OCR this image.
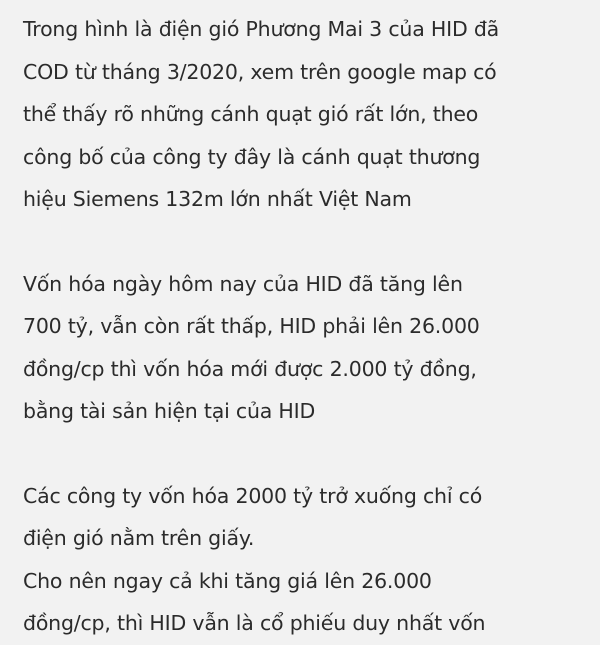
Trong hình là điện gió Phương Mai 3 của HID đã
COD từ tháng 3/2020, xem trên google map có
thể thấy rõ những cánh quạt gió rất lớn, theo
công bố của công ty đây là cánh quạt thương
hiệu Siemens 132m lớn nhất Việt Nam
Vốn hóa ngày hôm nay của HID đã tăng lên
700 tỷ, vẫn còn rất thấp, HID phải lên 26.000
đồng/cp thì vốn hóa mới được 2.000 tỷ đồng,
bằng tài sản hiện tại của HID
Các công ty vốn hóa 2000 tỷ trở xuống chỉ có
điện gió nằm trên giấy.
Cho nên ngay cả khi tăng giá lên 26.000
đồng/cp, thì HID vẫn là cổ phiếu duy nhất vốn
